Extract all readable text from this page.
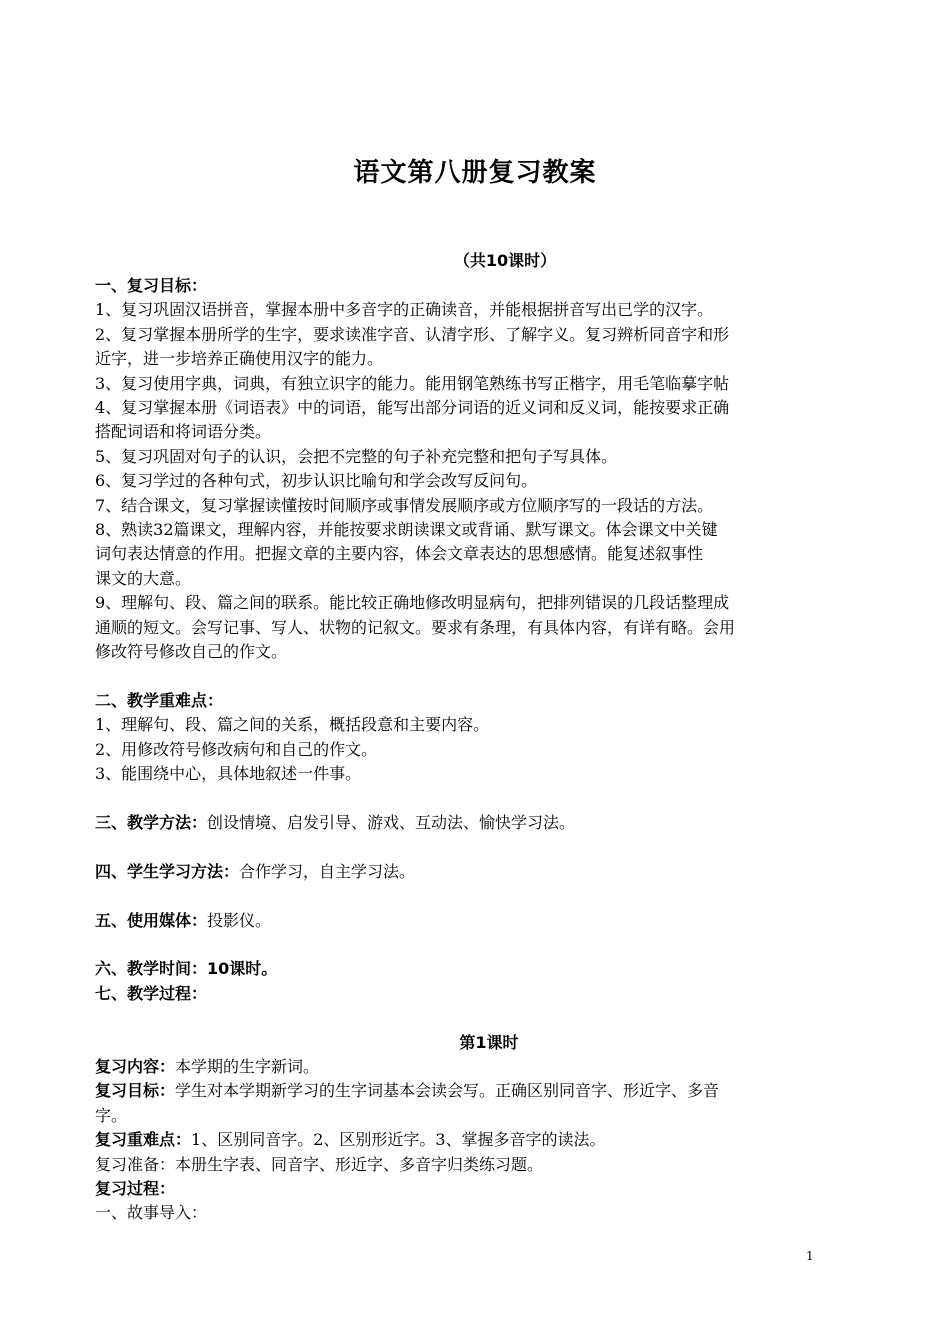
语文第八册复习教案
（共10课时）
一、复习目标：
1、复习巩固汉语拼音，掌握本册中多音字的正确读音，并能根据拼音写出已学的汉字。
2、复习掌握本册所学的生字，要求读准字音、认清字形、了解字义。复习辨析同音字和形
近字，进一步培养正确使用汉字的能力。
3、复习使用字典，词典，有独立识字的能力。能用钢笔熟练书写正楷字，用毛笔临摹字帖
4、复习掌握本册《词语表》中的词语，能写出部分词语的近义词和反义词，能按要求正确
搭配词语和将词语分类。
5、复习巩固对句子的认识，会把不完整的句子补充完整和把句子写具体。
6、复习学过的各种句式，初步认识比喻句和学会改写反问句。
7、结合课文，复习掌握读懂按时间顺序或事情发展顺序或方位顺序写的一段话的方法。
8、熟读32篇课文，理解内容，并能按要求朗读课文或背诵、默写课文。体会课文中关键
词句表达情意的作用。把握文章的主要内容，体会文章表达的思想感情。能复述叙事性
课文的大意。
9、理解句、段、篇之间的联系。能比较正确地修改明显病句，把排列错误的几段话整理成
通顺的短文。会写记事、写人、状物的记叙文。要求有条理，有具体内容，有详有略。会用
修改符号修改自己的作文。
二、教学重难点：
1、理解句、段、篇之间的关系，概括段意和主要内容。
2、用修改符号修改病句和自己的作文。
3、能围绕中心，具体地叙述一件事。
三、教学方法：创设情境、启发引导、游戏、互动法、愉快学习法。
四、学生学习方法：合作学习，自主学习法。
五、使用媒体：投影仪。
六、教学时间：10课时。
七、教学过程：
第1课时
复习内容：本学期的生字新词。
复习目标：学生对本学期新学习的生字词基本会读会写。正确区别同音字、形近字、多音
字。
复习重难点：1、区别同音字。2、区别形近字。3、掌握多音字的读法。
复习准备：本册生字表、同音字、形近字、多音字归类练习题。
复习过程：
一、故事导入：
1
